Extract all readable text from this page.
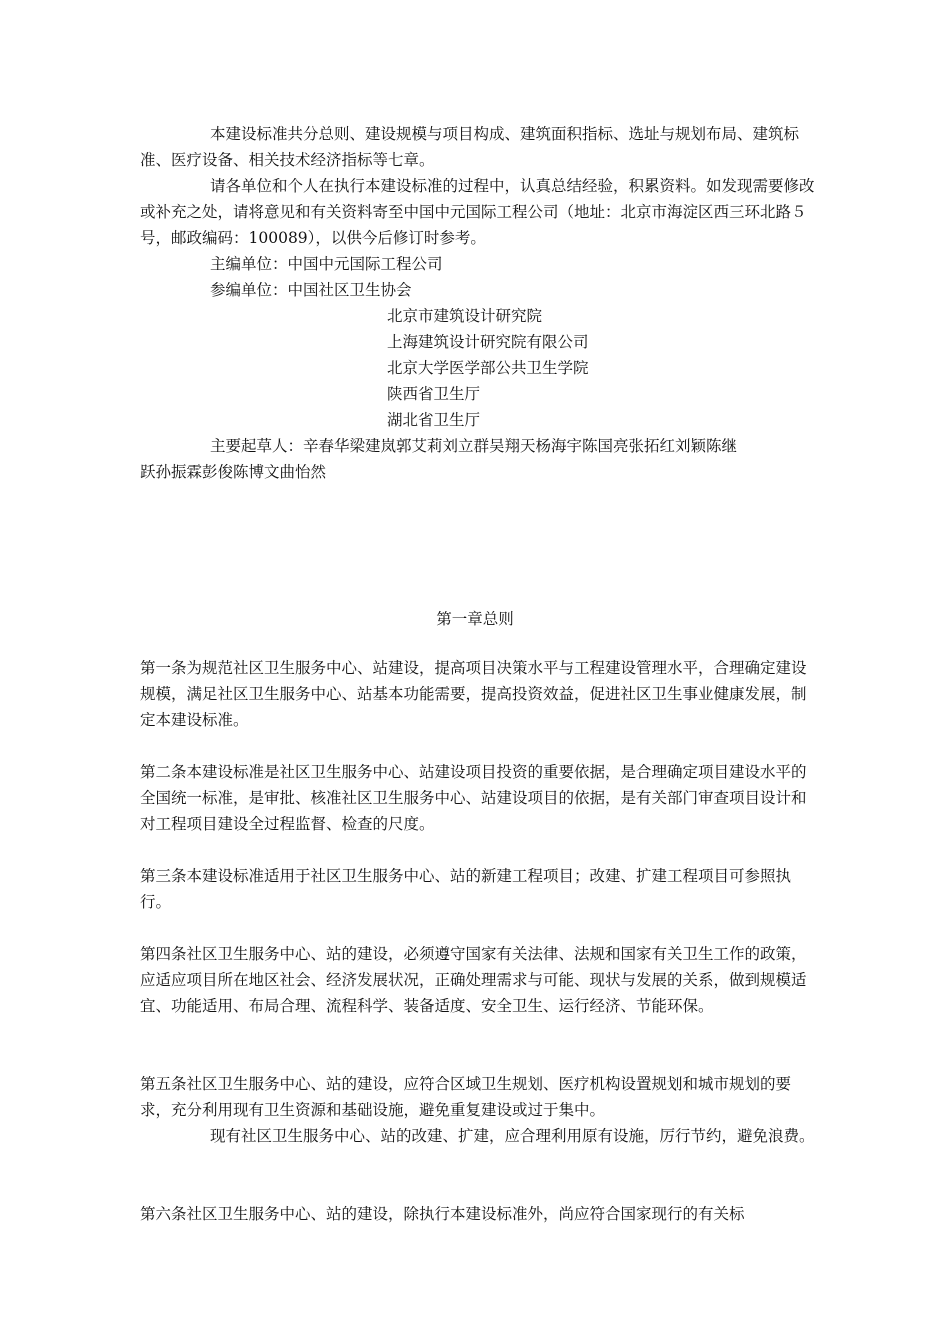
本建设标准共分总则、建设规模与项目构成、建筑面积指标、选址与规划布局、建筑标准、医疗设备、相关技术经济指标等七章。

请各单位和个人在执行本建设标准的过程中，认真总结经验，积累资料。如发现需要修改或补充之处，请将意见和有关资料寄至中国中元国际工程公司（地址：北京市海淀区西三环北路５号，邮政编码：100089），以供今后修订时参考。

主编单位：中国中元国际工程公司

参编单位：中国社区卫生协会

北京市建筑设计研究院

上海建筑设计研究院有限公司

北京大学医学部公共卫生学院

陕西省卫生厅

湖北省卫生厅

主要起草人：辛春华梁建岚郭艾莉刘立群吴翔天杨海宇陈国亮张拓红刘颖陈继跃孙振霖彭俊陈博文曲怡然

第一章总则

第一条为规范社区卫生服务中心、站建设，提高项目决策水平与工程建设管理水平，合理确定建设规模，满足社区卫生服务中心、站基本功能需要，提高投资效益，促进社区卫生事业健康发展，制定本建设标准。

第二条本建设标准是社区卫生服务中心、站建设项目投资的重要依据，是合理确定项目建设水平的全国统一标准，是审批、核准社区卫生服务中心、站建设项目的依据，是有关部门审查项目设计和对工程项目建设全过程监督、检查的尺度。

第三条本建设标准适用于社区卫生服务中心、站的新建工程项目；改建、扩建工程项目可参照执行。

第四条社区卫生服务中心、站的建设，必须遵守国家有关法律、法规和国家有关卫生工作的政策，应适应项目所在地区社会、经济发展状况，正确处理需求与可能、现状与发展的关系，做到规模适宜、功能适用、布局合理、流程科学、装备适度、安全卫生、运行经济、节能环保。

第五条社区卫生服务中心、站的建设，应符合区域卫生规划、医疗机构设置规划和城市规划的要求，充分利用现有卫生资源和基础设施，避免重复建设或过于集中。

现有社区卫生服务中心、站的改建、扩建，应合理利用原有设施，厉行节约，避免浪费。

第六条社区卫生服务中心、站的建设，除执行本建设标准外，尚应符合国家现行的有关标
